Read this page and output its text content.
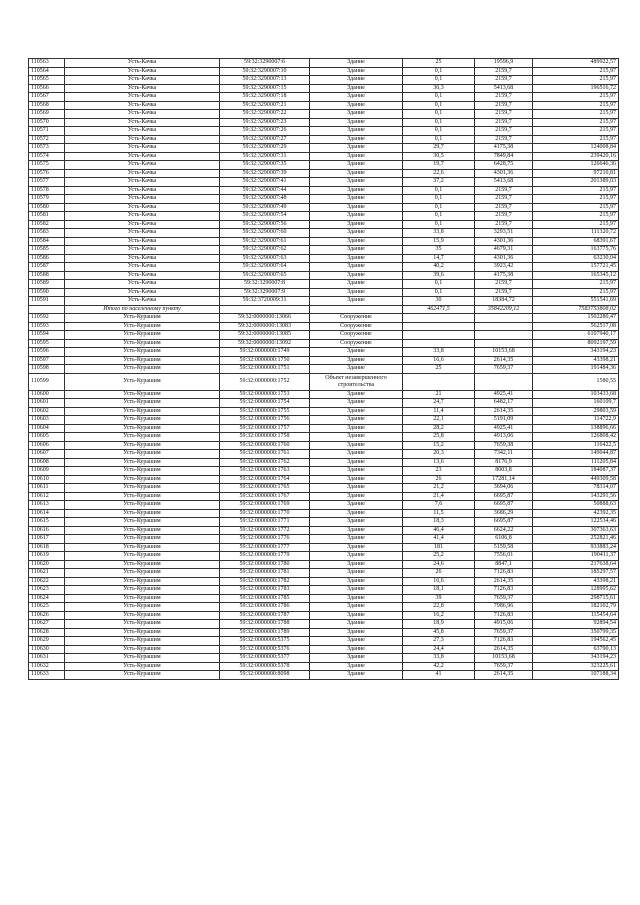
110563	Усть-Качка	59:32:3290007:6	Здание	25	19596,9	489922,57
110564	Усть-Качка	59:32:3290007:10	Здание	0,1	2159,7	215,97
110565	Усть-Качка	59:32:3290007:13	Здание	0,1	2159,7	215,97
110566	Усть-Качка	59:32:3290007:15	Здание	36,3	5413,68	196516,72
110567	Усть-Качка	59:32:3290007:18	Здание	0,1	2159,7	215,97
110568	Усть-Качка	59:32:3290007:21	Здание	0,1	2159,7	215,97
110569	Усть-Качка	59:32:3290007:22	Здание	0,1	2159,7	215,97
110570	Усть-Качка	59:32:3290007:23	Здание	0,1	2159,7	215,97
110571	Усть-Качка	59:32:3290007:26	Здание	0,1	2159,7	215,97
110572	Усть-Качка	59:32:3290007:27	Здание	0,1	2159,7	215,97
110573	Усть-Качка	59:32:3290007:29	Здание	29,7	4175,38	124008,84
110574	Усть-Качка	59:32:3290007:31	Здание	30,5	7849,84	239420,16
110575	Усть-Качка	59:32:3290007:35	Здание	19,7	6428,75	126646,36
110576	Усть-Качка	59:32:3290007:39	Здание	22,6	4301,36	97210,81
110577	Усть-Качка	59:32:3290007:41	Здание	37,2	5413,68	201389,03
110578	Усть-Качка	59:32:3290007:44	Здание	0,1	2159,7	215,97
110579	Усть-Качка	59:32:3290007:48	Здание	0,1	2159,7	215,97
110580	Усть-Качка	59:32:3290007:49	Здание	0,1	2159,7	215,97
110581	Усть-Качка	59:32:3290007:54	Здание	0,1	2159,7	215,97
110582	Усть-Качка	59:32:3290007:56	Здание	0,1	2159,7	215,97
110583	Усть-Качка	59:32:3290007:60	Здание	33,8	3293,51	111320,72
110584	Усть-Качка	59:32:3290007:61	Здание	15,9	4301,36	68391,67
110585	Усть-Качка	59:32:3290007:62	Здание	35	4679,31	163775,76
110586	Усть-Качка	59:32:3290007:63	Здание	14,7	4301,36	63230,04
110587	Усть-Качка	59:32:3290007:64	Здание	40,2	3923,42	157721,45
110588	Усть-Качка	59:32:3290007:65	Здание	39,6	4175,38	165345,12
110589	Усть-Качка	59:32:3290007:8	Здание	0,1	2159,7	215,97
110590	Усть-Качка	59:32:3290007:9	Здание	0,1	2159,7	215,97
110591	Усть-Качка	59:32:3720009:31	Здание	30	18384,72	551541,69
	Итого по населенному пункту			462471,5	35842209,12	7583753808,02
110592	Усть-Курашим	59:32:0000000:13066	Сооружение			1502280,47
110593	Усть-Курашим	59:32:0000000:13083	Сооружение			562517,08
110594	Усть-Курашим	59:32:0000000:13085	Сооружение			6107940,17
110595	Усть-Курашим	59:32:0000000:13092	Сооружение			8092197,59
110596	Усть-Курашим	59:32:0000000:1749	Здание	33,8	10153,68	343194,23
110597	Усть-Курашим	59:32:0000000:1750	Здание	16,6	2614,35	43398,21
110598	Усть-Курашим	59:32:0000000:1751	Здание	25	7659,37	191484,36
110599	Усть-Курашим	59:32:0000000:1752	Объект незавершенного строительства			1580,55
110600	Усть-Курашим	59:32:0000000:1753	Здание	21	4925,41	103433,68
110601	Усть-Курашим	59:32:0000000:1754	Здание	24,7	6482,17	160109,7
110602	Усть-Курашим	59:32:0000000:1755	Здание	11,4	2614,35	29803,59
110603	Усть-Курашим	59:32:0000000:1756	Здание	22,1	5191,09	114722,9
110604	Усть-Курашим	59:32:0000000:1757	Здание	28,2	4925,41	138896,66
110605	Усть-Курашим	59:32:0000000:1758	Здание	25,8	4913,06	126808,42
110606	Усть-Курашим	59:32:0000000:1760	Здание	15,2	7659,38	116422,5
110607	Усть-Курашим	59:32:0000000:1761	Здание	20,3	7342,11	149044,87
110608	Усть-Курашим	59:32:0000000:1762	Здание	13,6	8176,9	111205,84
110609	Усть-Курашим	59:32:0000000:1763	Здание	23	8003,8	184087,37
110610	Усть-Курашим	59:32:0000000:1764	Здание	26	17281,14	449309,58
110611	Усть-Курашим	59:32:0000000:1765	Здание	21,2	3694,06	78314,07
110612	Усть-Курашим	59:32:0000000:1767	Здание	21,4	6695,87	143291,56
110613	Усть-Курашим	59:32:0000000:1769	Здание	7,6	6695,87	50888,63
110614	Усть-Курашим	59:32:0000000:1770	Здание	11,5	3686,29	42392,35
110615	Усть-Курашим	59:32:0000000:1771	Здание	18,3	6695,87	122534,46
110616	Усть-Курашим	59:32:0000000:1772	Здание	46,4	6624,22	307363,63
110617	Усть-Курашим	59:32:0000000:1776	Здание	41,4	6106,8	252821,46
110618	Усть-Курашим	59:32:0000000:1777	Здание	181	5159,58	933883,24
110619	Усть-Курашим	59:32:0000000:1779	Здание	25,2	7556,01	190411,37
110620	Усть-Курашим	59:32:0000000:1780	Здание	24,6	8847,1	217638,64
110621	Усть-Курашим	59:32:0000000:1781	Здание	26	7126,83	185297,57
110622	Усть-Курашим	59:32:0000000:1782	Здание	16,6	2614,35	43398,21
110623	Усть-Курашим	59:32:0000000:1783	Здание	18,1	7126,83	128995,62
110624	Усть-Курашим	59:32:0000000:1785	Здание	39	7659,37	298715,61
110625	Усть-Курашим	59:32:0000000:1786	Здание	22,8	7986,96	182102,79
110626	Усть-Курашим	59:32:0000000:1787	Здание	16,2	7126,83	115454,64
110627	Усть-Курашим	59:32:0000000:1788	Здание	18,9	4915,06	92894,54
110628	Усть-Курашим	59:32:0000000:1789	Здание	45,8	7659,37	350799,35
110629	Усть-Курашим	59:32:0000000:5375	Здание	27,3	7126,83	194562,45
110630	Усть-Курашим	59:32:0000000:5376	Здание	24,4	2614,35	63790,13
110631	Усть-Курашим	59:32:0000000:5377	Здание	33,8	10153,68	343194,23
110632	Усть-Курашим	59:32:0000000:5378	Здание	42,2	7659,37	323225,61
110633	Усть-Курашим	59:32:0000000:8098	Здание	41	2614,35	107188,34
